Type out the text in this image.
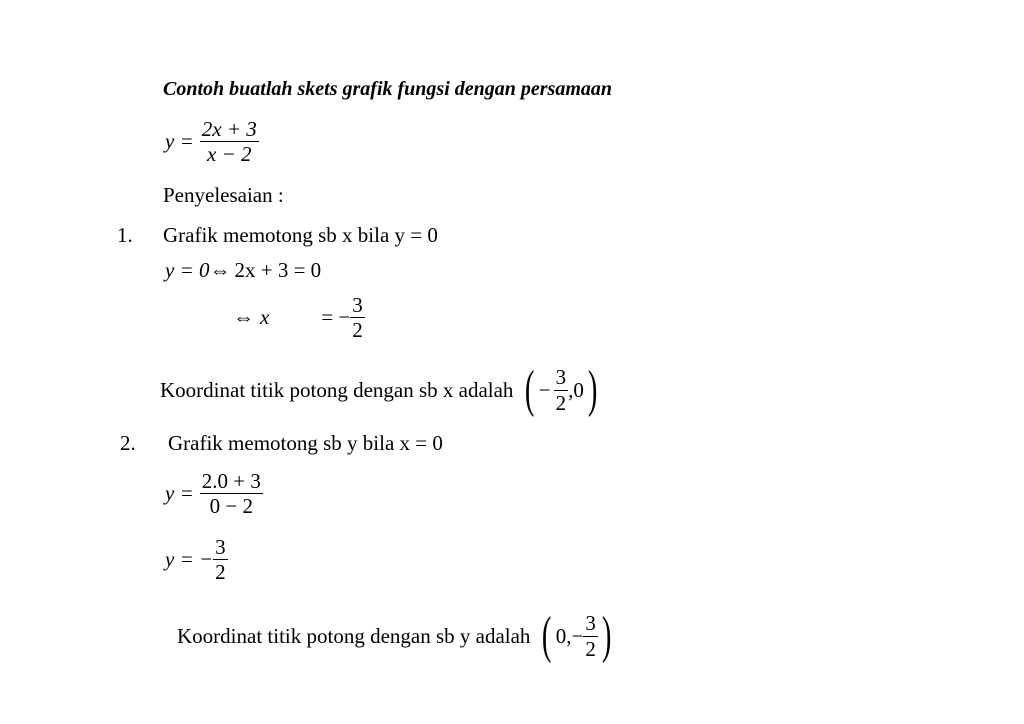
Contoh buatlah skets grafik fungsi dengan persamaan
$y = \frac{2x + 3}{x - 2}$
Penyelesaian :
1. Grafik memotong sb x bila y = 0
y = 0 ⇔ 2x + 3 = 0
⇔ x = − $\frac{3}{2}$
Koordinat titik potong dengan sb x adalah ( − $\frac{3}{2} ,0$ )
2. Grafik memotong sb y bila x = 0
$y = \frac{2.0 + 3}{0 - 2}$
y = − $\frac{3}{2}$
Koordinat titik potong dengan sb y adalah ( $0,- \frac{3}{2}$ )
